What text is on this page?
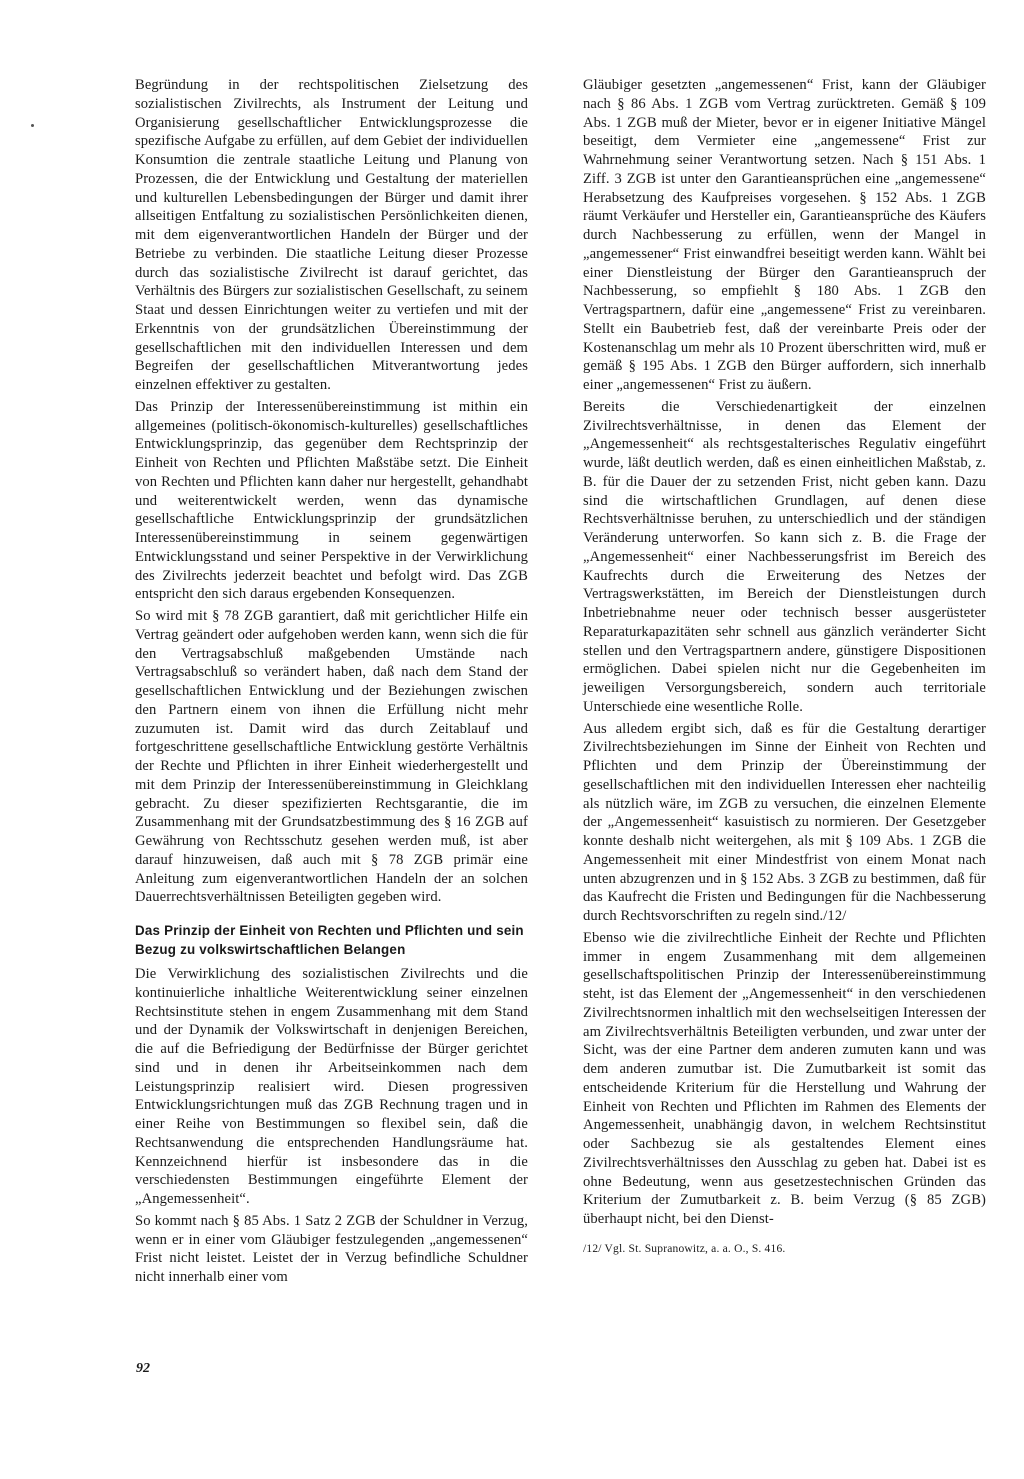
Begründung in der rechtspolitischen Zielsetzung des sozialistischen Zivilrechts, als Instrument der Leitung und Organisierung gesellschaftlicher Entwicklungsprozesse die spezifische Aufgabe zu erfüllen, auf dem Gebiet der individuellen Konsumtion die zentrale staatliche Leitung und Planung von Prozessen, die der Entwicklung und Gestaltung der materiellen und kulturellen Lebensbedingungen der Bürger und damit ihrer allseitigen Entfaltung zu sozialistischen Persönlichkeiten dienen, mit dem eigenverantwortlichen Handeln der Bürger und der Betriebe zu verbinden. Die staatliche Leitung dieser Prozesse durch das sozialistische Zivilrecht ist darauf gerichtet, das Verhältnis des Bürgers zur sozialistischen Gesellschaft, zu seinem Staat und dessen Einrichtungen weiter zu vertiefen und mit der Erkenntnis von der grundsätzlichen Übereinstimmung der gesellschaftlichen mit den individuellen Interessen und dem Begreifen der gesellschaftlichen Mitverantwortung jedes einzelnen effektiver zu gestalten.

Das Prinzip der Interessenübereinstimmung ist mithin ein allgemeines (politisch-ökonomisch-kulturelles) gesellschaftliches Entwicklungsprinzip, das gegenüber dem Rechtsprinzip der Einheit von Rechten und Pflichten Maßstäbe setzt. Die Einheit von Rechten und Pflichten kann daher nur hergestellt, gehandhabt und weiterentwickelt werden, wenn das dynamische gesellschaftliche Entwicklungsprinzip der grundsätzlichen Interessenübereinstimmung in seinem gegenwärtigen Entwicklungsstand und seiner Perspektive in der Verwirklichung des Zivilrechts jederzeit beachtet und befolgt wird. Das ZGB entspricht den sich daraus ergebenden Konsequenzen.

So wird mit § 78 ZGB garantiert, daß mit gerichtlicher Hilfe ein Vertrag geändert oder aufgehoben werden kann, wenn sich die für den Vertragsabschluß maßgebenden Umstände nach Vertragsabschluß so verändert haben, daß nach dem Stand der gesellschaftlichen Entwicklung und der Beziehungen zwischen den Partnern einem von ihnen die Erfüllung nicht mehr zuzumuten ist. Damit wird das durch Zeitablauf und fortgeschrittene gesellschaftliche Entwicklung gestörte Verhältnis der Rechte und Pflichten in ihrer Einheit wiederhergestellt und mit dem Prinzip der Interessenübereinstimmung in Gleichklang gebracht. Zu dieser spezifizierten Rechtsgarantie, die im Zusammenhang mit der Grundsatzbestimmung des § 16 ZGB auf Gewährung von Rechtsschutz gesehen werden muß, ist aber darauf hinzuweisen, daß auch mit § 78 ZGB primär eine Anleitung zum eigenverantwortlichen Handeln der an solchen Dauerrechtsverhältnissen Beteiligten gegeben wird.

Das Prinzip der Einheit von Rechten und Pflichten und sein Bezug zu volkswirtschaftlichen Belangen

Die Verwirklichung des sozialistischen Zivilrechts und die kontinuierliche inhaltliche Weiterentwicklung seiner einzelnen Rechtsinstitute stehen in engem Zusammenhang mit dem Stand und der Dynamik der Volkswirtschaft in denjenigen Bereichen, die auf die Befriedigung der Bedürfnisse der Bürger gerichtet sind und in denen ihr Arbeitseinkommen nach dem Leistungsprinzip realisiert wird. Diesen progressiven Entwicklungsrichtungen muß das ZGB Rechnung tragen und in einer Reihe von Bestimmungen so flexibel sein, daß die Rechtsanwendung die entsprechenden Handlungsräume hat. Kennzeichnend hierfür ist insbesondere das in die verschiedensten Bestimmungen eingeführte Element der „Angemessenheit“.

So kommt nach § 85 Abs. 1 Satz 2 ZGB der Schuldner in Verzug, wenn er in einer vom Gläubiger festzulegenden „angemessenen“ Frist nicht leistet. Leistet der in Verzug befindliche Schuldner nicht innerhalb einer vom

Gläubiger gesetzten „angemessenen“ Frist, kann der Gläubiger nach § 86 Abs. 1 ZGB vom Vertrag zurücktreten. Gemäß § 109 Abs. 1 ZGB muß der Mieter, bevor er in eigener Initiative Mängel beseitigt, dem Vermieter eine „angemessene“ Frist zur Wahrnehmung seiner Verantwortung setzen. Nach § 151 Abs. 1 Ziff. 3 ZGB ist unter den Garantieansprüchen eine „angemessene“ Herabsetzung des Kaufpreises vorgesehen. § 152 Abs. 1 ZGB räumt Verkäufer und Hersteller ein, Garantieansprüche des Käufers durch Nachbesserung zu erfüllen, wenn der Mangel in „angemessener“ Frist einwandfrei beseitigt werden kann. Wählt bei einer Dienstleistung der Bürger den Garantieanspruch der Nachbesserung, so empfiehlt § 180 Abs. 1 ZGB den Vertragspartnern, dafür eine „angemessene“ Frist zu vereinbaren. Stellt ein Baubetrieb fest, daß der vereinbarte Preis oder der Kostenanschlag um mehr als 10 Prozent überschritten wird, muß er gemäß § 195 Abs. 1 ZGB den Bürger auffordern, sich innerhalb einer „angemessenen“ Frist zu äußern.

Bereits die Verschiedenartigkeit der einzelnen Zivilrechtsverhältnisse, in denen das Element der „Angemessenheit“ als rechtsgestalterisches Regulativ eingeführt wurde, läßt deutlich werden, daß es einen einheitlichen Maßstab, z. B. für die Dauer der zu setzenden Frist, nicht geben kann. Dazu sind die wirtschaftlichen Grundlagen, auf denen diese Rechtsverhältnisse beruhen, zu unterschiedlich und der ständigen Veränderung unterworfen. So kann sich z. B. die Frage der „Angemessenheit“ einer Nachbesserungsfrist im Bereich des Kaufrechts durch die Erweiterung des Netzes der Vertragswerkstätten, im Bereich der Dienstleistungen durch Inbetriebnahme neuer oder technisch besser ausgerüsteter Reparaturkapazitäten sehr schnell aus gänzlich veränderter Sicht stellen und den Vertragspartnern andere, günstigere Dispositionen ermöglichen. Dabei spielen nicht nur die Gegebenheiten im jeweiligen Versorgungsbereich, sondern auch territoriale Unterschiede eine wesentliche Rolle.

Aus alledem ergibt sich, daß es für die Gestaltung derartiger Zivilrechtsbeziehungen im Sinne der Einheit von Rechten und Pflichten und dem Prinzip der Übereinstimmung der gesellschaftlichen mit den individuellen Interessen eher nachteilig als nützlich wäre, im ZGB zu versuchen, die einzelnen Elemente der „Angemessenheit“ kasuistisch zu normieren. Der Gesetzgeber konnte deshalb nicht weitergehen, als mit § 109 Abs. 1 ZGB die Angemessenheit mit einer Mindestfrist von einem Monat nach unten abzugrenzen und in § 152 Abs. 3 ZGB zu bestimmen, daß für das Kaufrecht die Fristen und Bedingungen für die Nachbesserung durch Rechtsvorschriften zu regeln sind./12/

Ebenso wie die zivilrechtliche Einheit der Rechte und Pflichten immer in engem Zusammenhang mit dem allgemeinen gesellschaftspolitischen Prinzip der Interessenübereinstimmung steht, ist das Element der „Angemessenheit“ in den verschiedenen Zivilrechtsnormen inhaltlich mit den wechselseitigen Interessen der am Zivilrechtsverhältnis Beteiligten verbunden, und zwar unter der Sicht, was der eine Partner dem anderen zumuten kann und was dem anderen zumutbar ist. Die Zumutbarkeit ist somit das entscheidende Kriterium für die Herstellung und Wahrung der Einheit von Rechten und Pflichten im Rahmen des Elements der Angemessenheit, unabhängig davon, in welchem Rechtsinstitut oder Sachbezug sie als gestaltendes Element eines Zivilrechtsverhältnisses den Ausschlag zu geben hat. Dabei ist es ohne Bedeutung, wenn aus gesetzestechnischen Gründen das Kriterium der Zumutbarkeit z. B. beim Verzug (§ 85 ZGB) überhaupt nicht, bei den Dienst-

/12/ Vgl. St. Supranowitz, a. a. O., S. 416.
92
